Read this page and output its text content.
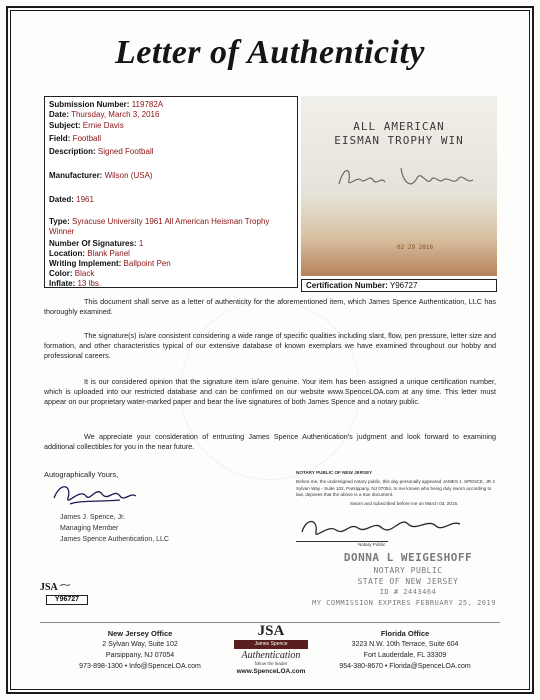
Letter of Authenticity
Submission Number: 119782A
Date: Thursday, March 3, 2016
Subject: Ernie Davis
Field: Football
Description: Signed Football
Manufacturer: Wilson (USA)
Dated: 1961
Type: Syracuse University 1961 All American Heisman Trophy Winner
Number Of Signatures: 1
Location: Blank Panel
Writing Implement: Ballpoint Pen
Color: Black
Inflate: 13 lbs.
ALL AMERICAN
EISMAN TROPHY WIN
02 29 2016
Certification Number: Y96727
This document shall serve as a letter of authenticity for the aforementioned item, which James Spence Authentication, LLC has thoroughly examined.
The signature(s) is/are consistent considering a wide range of specific qualities including slant, flow, pen pressure, letter size and formation, and other characteristics typical of our extensive database of known exemplars we have examined throughout our hobby and professional careers.
It is our considered opinion that the signature item is/are genuine. Your item has been assigned a unique certification number, which is uploaded into our restricted database and can be confirmed on our website www.SpenceLOA.com at any time. This letter must appear on our proprietary water-marked paper and bear the live signatures of both James Spence and a notary public.
We appreciate your consideration of entrusting James Spence Authentication's judgment and look forward to examining additional collectibles for you in the near future.
Autographically Yours,
James J. Spence, Jr.
Managing Member
James Spence Authentication, LLC
JSA
Y96727
NOTARY PUBLIC OF NEW JERSEY
Before me, the undersigned notary public, this day personally appeared JAMES J. SPENCE, JR 2 Sylvan Way - Suite 102, Parsippany, NJ 07054, to me known who being duly sworn according to law, deposes that the above is a true document.
Sworn and subscribed before me on March 03, 2016.
Notary Public
DONNA L WEIGESHOFF
NOTARY PUBLIC
STATE OF NEW JERSEY
ID # 2443464
MY COMMISSION EXPIRES FEBRUARY 25, 2019
New Jersey Office
2 Sylvan Way, Suite 102
Parsippany, NJ 07054
973-898-1300 • Info@SpenceLOA.com
JSA
James Spence
Authentication
follow the leader
www.SpenceLOA.com
Florida Office
3223 N.W. 10th Terrace, Suite 604
Fort Lauderdale, FL 33309
954-380-8670 • Florida@SpenceLOA.com
